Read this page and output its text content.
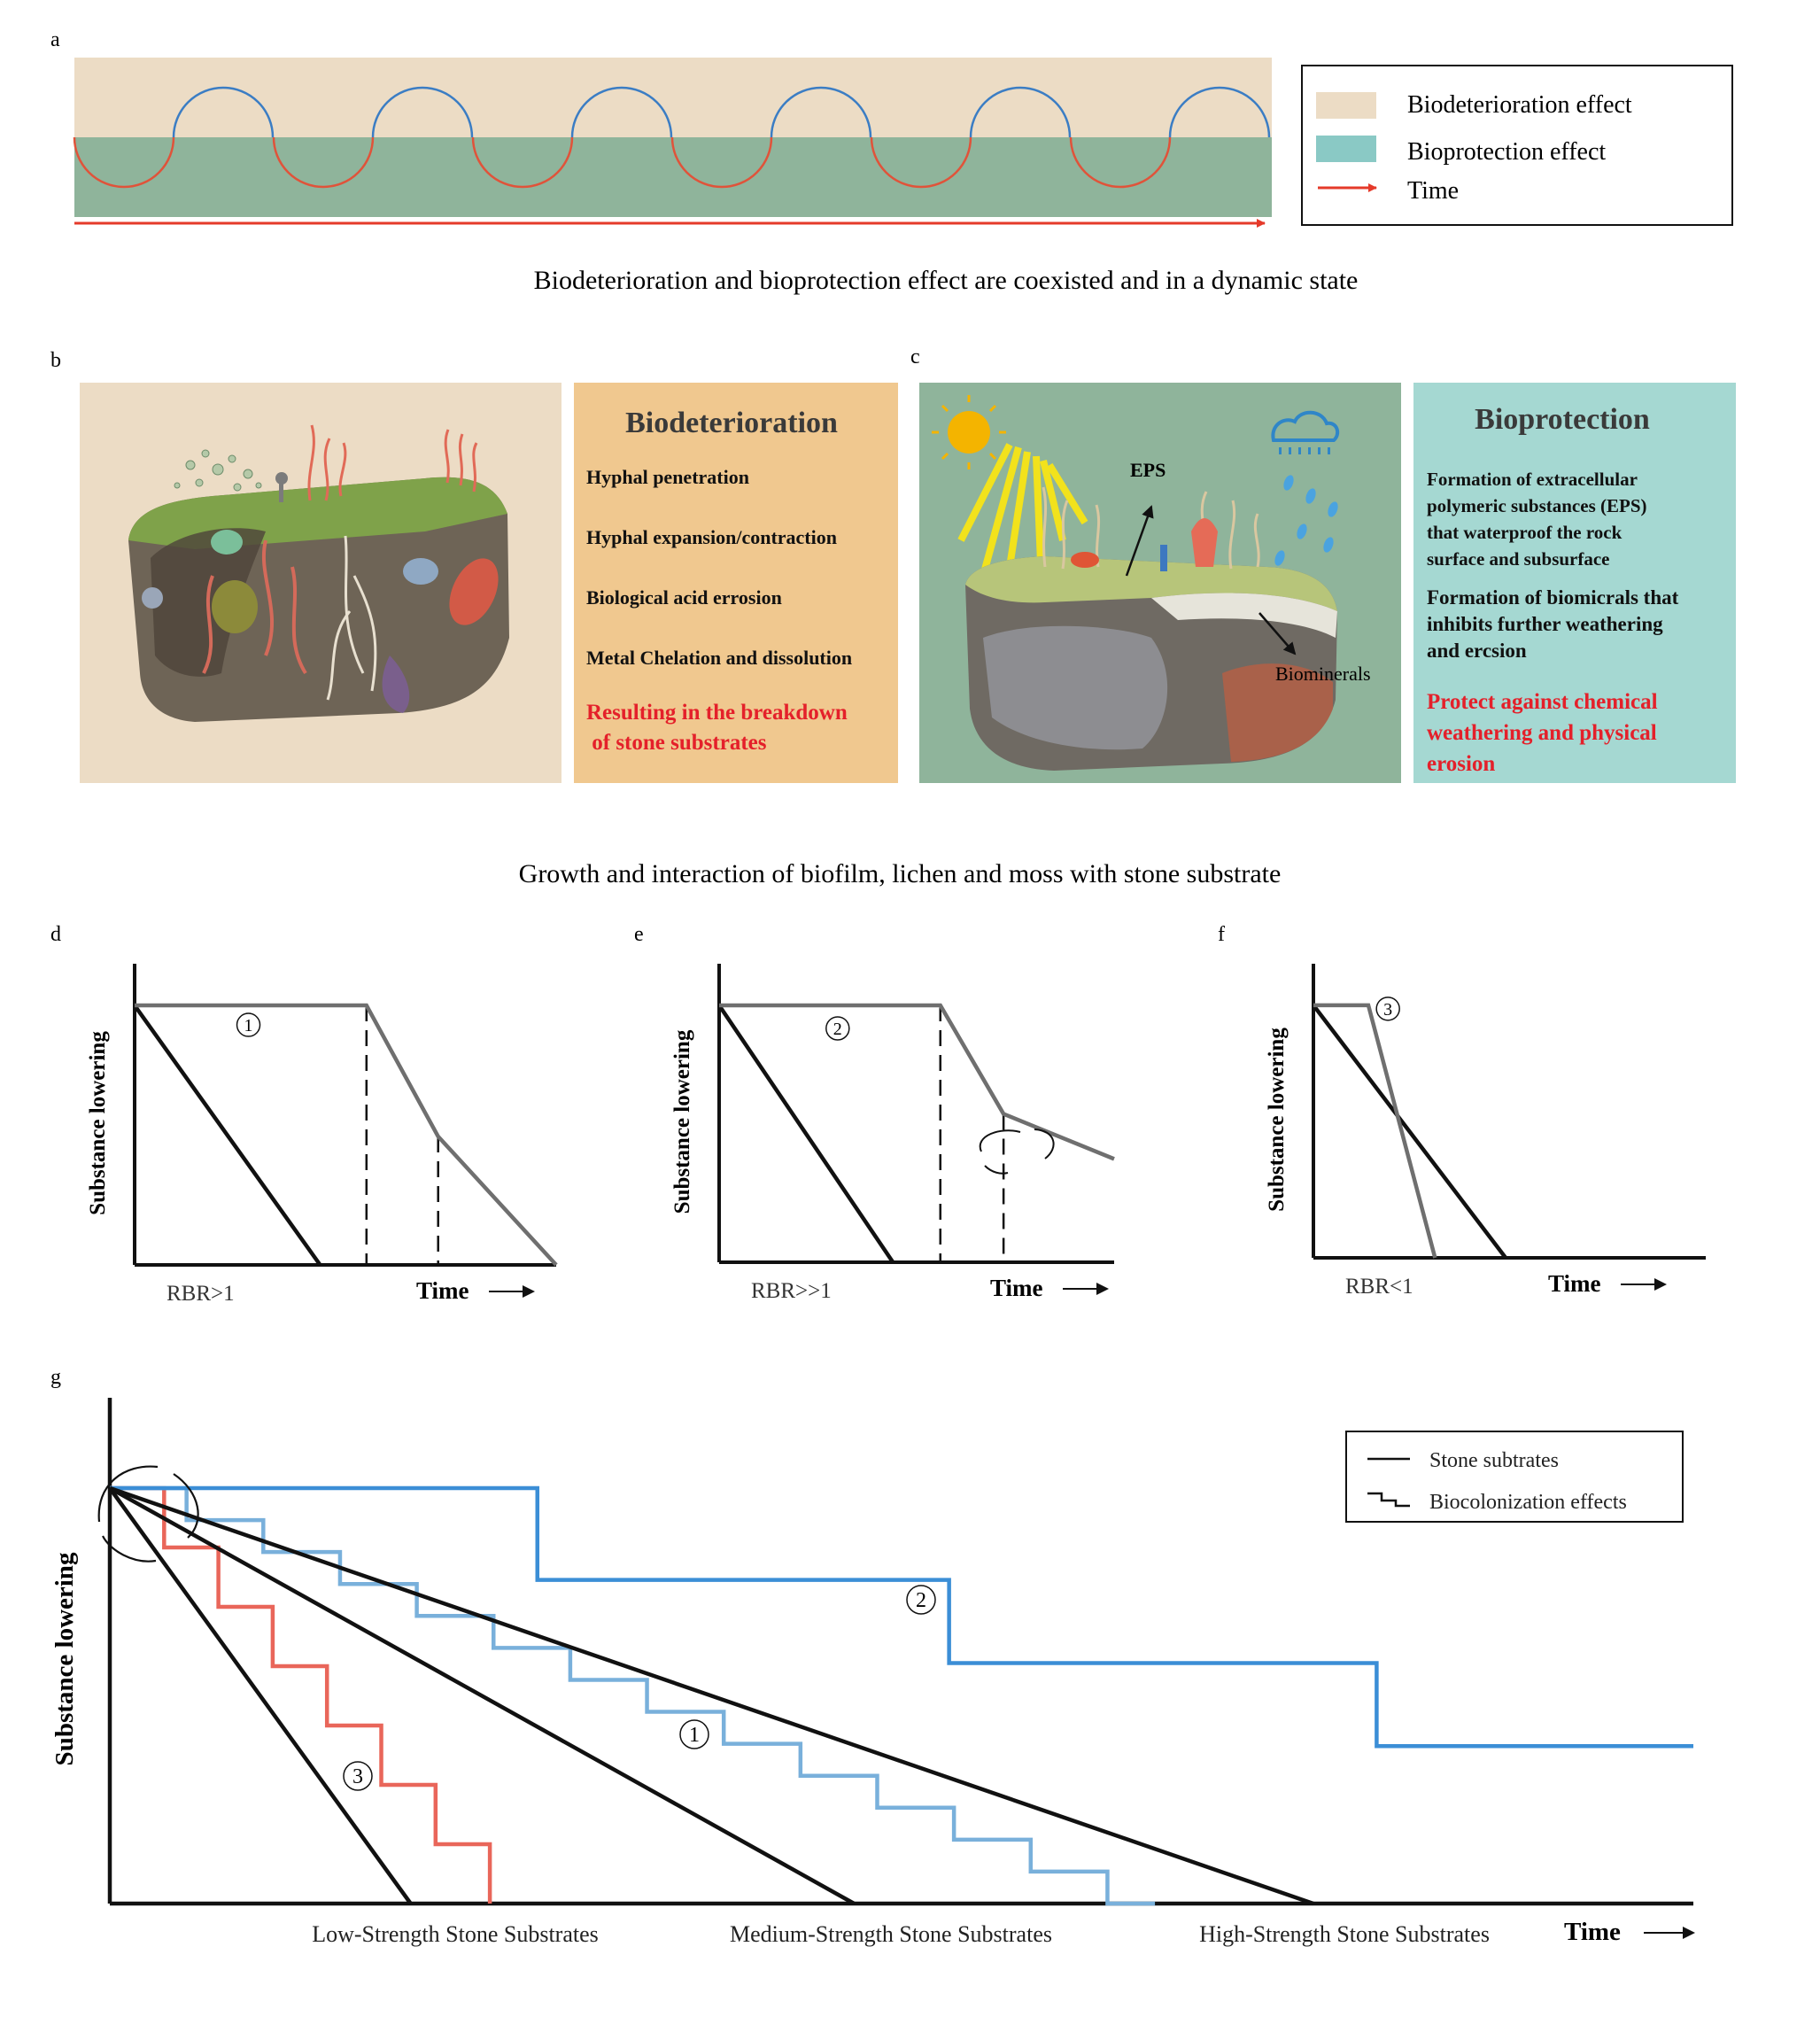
a
Biodeterioration effect
Bioprotection effect
Time
Biodeterioration and bioprotection effect are coexisted and in a dynamic state
b
Biodeterioration
Hyphal penetration
Hyphal expansion/contraction
Biological acid errosion
Metal Chelation and dissolution
Resulting in the breakdown  of stone substrates
c
EPS
Biominerals
Bioprotection
Formation of extracellular polymeric substances (EPS) that waterproof the rock surface and subsurface
Formation of biomicrals that inhibits further weathering and ercsion
Protect against chemical weathering and physical erosion
Growth and interaction of biofilm, lichen and moss with stone substrate
d	e	f
1
Substance lowering
RBR>1	Time
2
Substance lowering
RBR>>1	Time
3
Substance lowering
RBR<1	Time
g
1
2
3
Substance lowering
Low-Strength Stone Substrates	Medium-Strength Stone Substrates	High-Strength Stone Substrates	Time
Stone subtrates
Biocolonization effects
